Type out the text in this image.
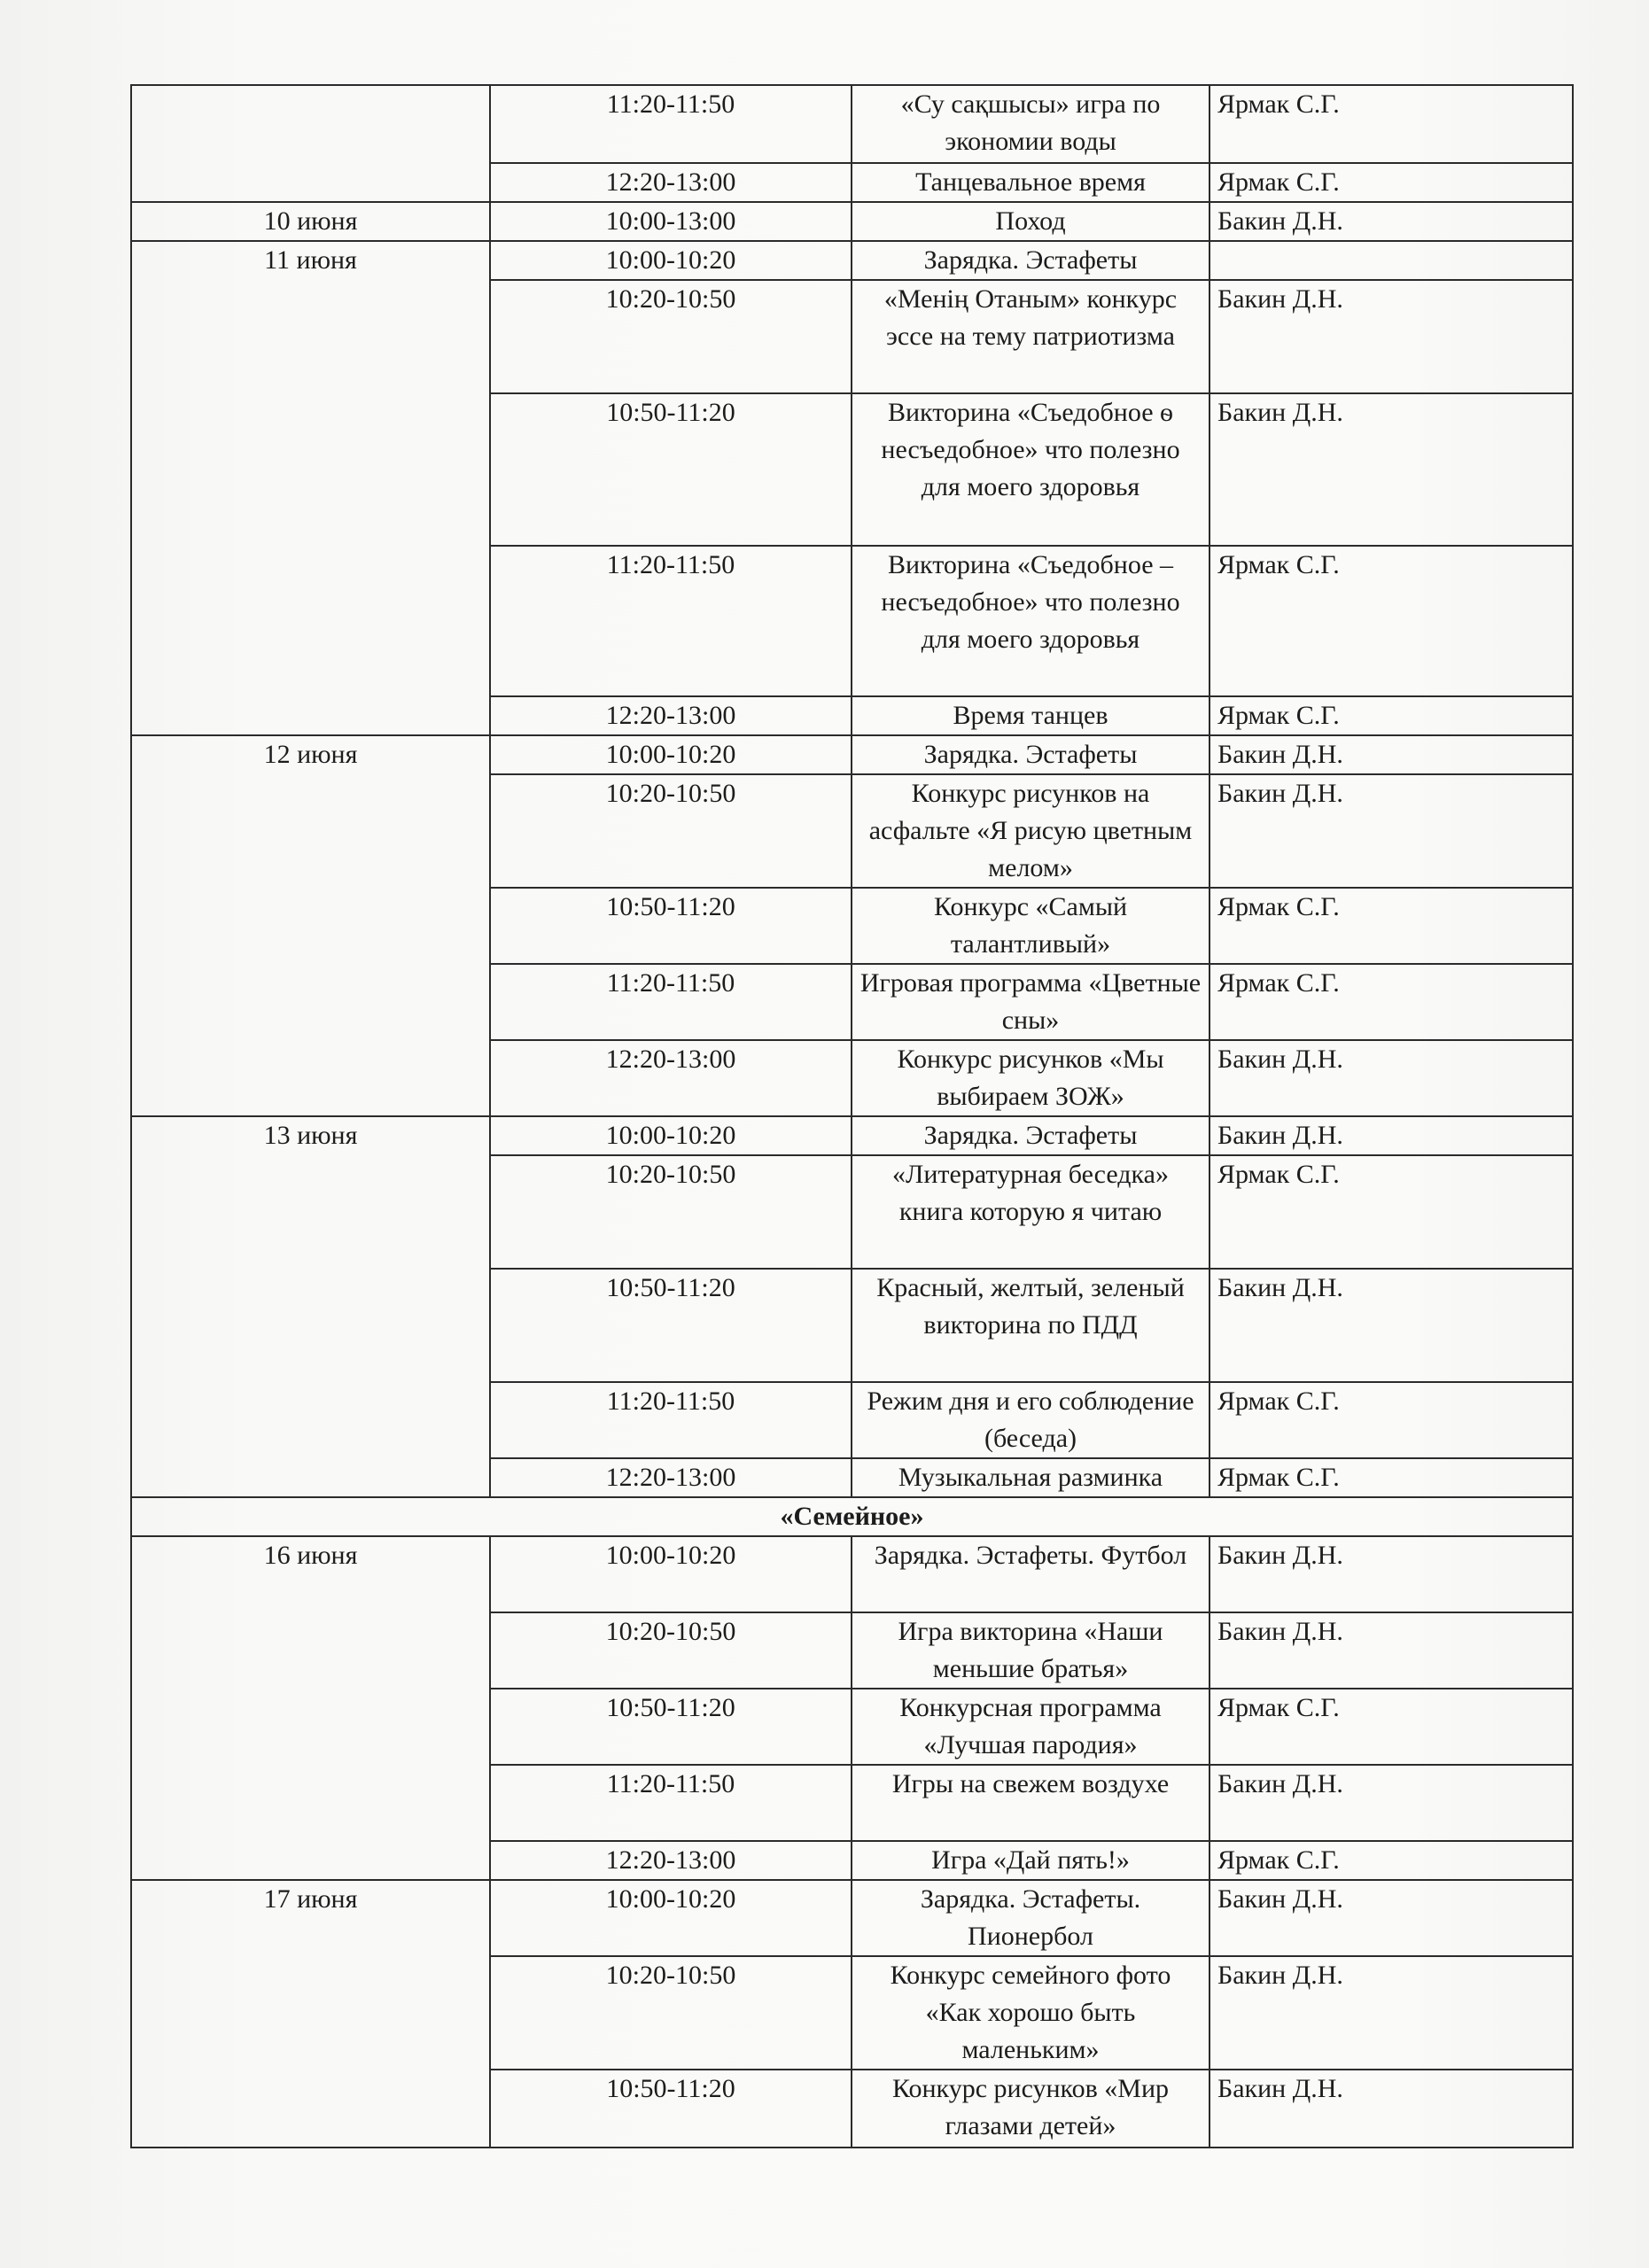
	11:20-11:50	«Су сақшысы» игра по экономии воды	Ярмак С.Г.
	12:20-13:00	Танцевальное время	Ярмак С.Г.
10 июня	10:00-13:00	Поход	Бакин Д.Н.
11 июня	10:00-10:20	Зарядка. Эстафеты	
	10:20-10:50	«Менің Отаным» конкурс эссе на тему патриотизма	Бакин Д.Н.
	10:50-11:20	Викторина «Съедобное ѳ несъедобное» что полезно для моего здоровья	Бакин Д.Н.
	11:20-11:50	Викторина «Съедобное – несъедобное» что полезно для моего здоровья	Ярмак С.Г.
	12:20-13:00	Время танцев	Ярмак С.Г.
12 июня	10:00-10:20	Зарядка. Эстафеты	Бакин Д.Н.
	10:20-10:50	Конкурс рисунков на асфальте «Я рисую цветным мелом»	Бакин Д.Н.
	10:50-11:20	Конкурс «Самый талантливый»	Ярмак С.Г.
	11:20-11:50	Игровая программа «Цветные сны»	Ярмак С.Г.
	12:20-13:00	Конкурс рисунков «Мы выбираем ЗОЖ»	Бакин Д.Н.
13 июня	10:00-10:20	Зарядка. Эстафеты	Бакин Д.Н.
	10:20-10:50	«Литературная беседка» книга которую я читаю	Ярмак С.Г.
	10:50-11:20	Красный, желтый, зеленый викторина по ПДД	Бакин Д.Н.
	11:20-11:50	Режим дня и его соблюдение (беседа)	Ярмак С.Г.
	12:20-13:00	Музыкальная разминка	Ярмак С.Г.
«Семейное»			
16 июня	10:00-10:20	Зарядка. Эстафеты. Футбол	Бакин Д.Н.
	10:20-10:50	Игра викторина «Наши меньшие братья»	Бакин Д.Н.
	10:50-11:20	Конкурсная программа «Лучшая пародия»	Ярмак С.Г.
	11:20-11:50	Игры на свежем воздухе	Бакин Д.Н.
	12:20-13:00	Игра «Дай пять!»	Ярмак С.Г.
17 июня	10:00-10:20	Зарядка. Эстафеты. Пионербол	Бакин Д.Н.
	10:20-10:50	Конкурс семейного фото «Как хорошо быть маленьким»	Бакин Д.Н.
	10:50-11:20	Конкурс рисунков «Мир глазами детей»	Бакин Д.Н.
